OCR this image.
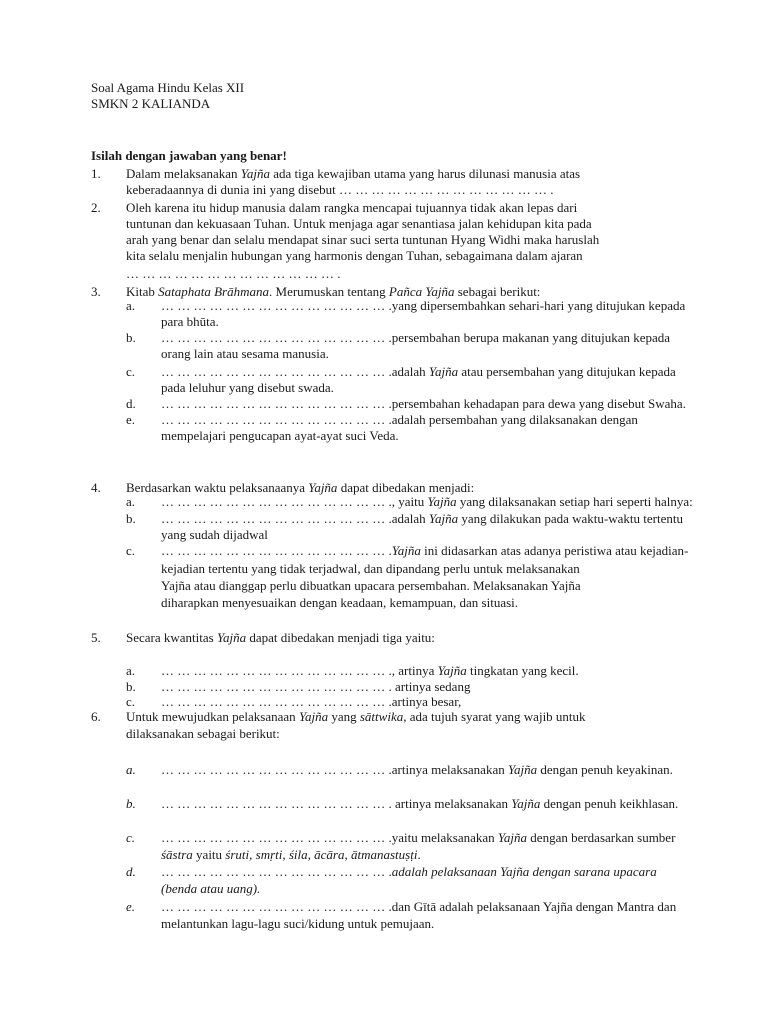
Soal Agama Hindu Kelas XII
SMKN 2 KALIANDA
Isilah dengan jawaban yang benar!
1. Dalam melaksanakan Yajña ada tiga kewajiban utama yang harus dilunasi manusia atas
keberadaannya di dunia ini yang disebut … … … … … … … … … … … … … .
2. Oleh karena itu hidup manusia dalam rangka mencapai tujuannya tidak akan lepas dari
tuntunan dan kekuasaan Tuhan. Untuk menjaga agar senantiasa jalan kehidupan kita pada
arah yang benar dan selalu mendapat sinar suci serta tuntunan Hyang Widhi maka haruslah
kita selalu menjalin hubungan yang harmonis dengan Tuhan, sebagaimana dalam ajaran
… … … … … … … … … … … … … .
3. Kitab Sataphata Brāhmana. Merumuskan tentang Pañca Yajña sebagai berikut:
a. … … … … … … … … … … … … … … .yang dipersembahkan sehari-hari yang ditujukan kepada
para bhūta.
b. … … … … … … … … … … … … … … .persembahan berupa makanan yang ditujukan kepada
orang lain atau sesama manusia.
c. … … … … … … … … … … … … … … .adalah Yajña atau persembahan yang ditujukan kepada
pada leluhur yang disebut swada.
d. … … … … … … … … … … … … … … .persembahan kehadapan para dewa yang disebut Swaha.
e. … … … … … … … … … … … … … … .adalah persembahan yang dilaksanakan dengan
mempelajari pengucapan ayat-ayat suci Veda.
4. Berdasarkan waktu pelaksanaanya Yajña dapat dibedakan menjadi:
a. … … … … … … … … … … … … … … ., yaitu Yajña yang dilaksanakan setiap hari seperti halnya:
b. … … … … … … … … … … … … … … .adalah Yajña yang dilakukan pada waktu-waktu tertentu
yang sudah dijadwal
c. … … … … … … … … … … … … … … .Yajña ini didasarkan atas adanya peristiwa atau kejadian-
kejadian tertentu yang tidak terjadwal, dan dipandang perlu untuk melaksanakan
Yajña atau dianggap perlu dibuatkan upacara persembahan. Melaksanakan Yajña
diharapkan menyesuaikan dengan keadaan, kemampuan, dan situasi.
5. Secara kwantitas Yajña dapat dibedakan menjadi tiga yaitu:
a. … … … … … … … … … … … … … … ., artinya Yajña tingkatan yang kecil.
b. … … … … … … … … … … … … … … . artinya sedang
c. … … … … … … … … … … … … … … .artinya besar,
6. Untuk mewujudkan pelaksanaan Yajña yang sāttwika, ada tujuh syarat yang wajib untuk
dilaksanakan sebagai berikut:
a. … … … … … … … … … … … … … … .artinya melaksanakan Yajña dengan penuh keyakinan.
b. … … … … … … … … … … … … … … . artinya melaksanakan Yajña dengan penuh keikhlasan.
c. … … … … … … … … … … … … … … .yaitu melaksanakan Yajña dengan berdasarkan sumber
śāstra yaitu śruti, smṛti, śila, ācāra, ātmanastuṣṭi.
d. … … … … … … … … … … … … … … .adalah pelaksanaan Yajña dengan sarana upacara
(benda atau uang).
e. … … … … … … … … … … … … … … .dan Gītā adalah pelaksanaan Yajña dengan Mantra dan
melantunkan lagu-lagu suci/kidung untuk pemujaan.
